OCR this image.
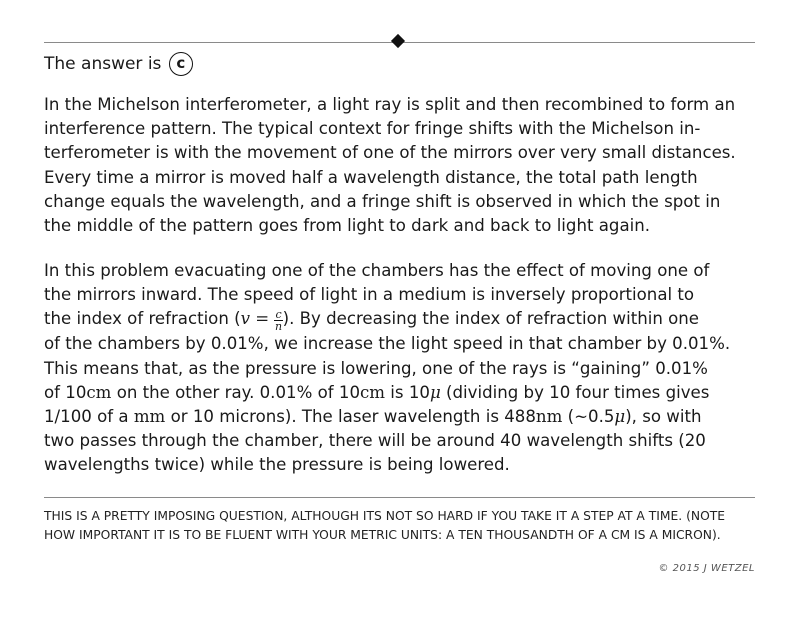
The answer is c
In the Michelson interferometer, a light ray is split and then recombined to form an
interference pattern. The typical context for fringe shifts with the Michelson in-
terferometer is with the movement of one of the mirrors over very small distances.
Every time a mirror is moved half a wavelength distance, the total path length
change equals the wavelength, and a fringe shift is observed in which the spot in
the middle of the pattern goes from light to dark and back to light again.
In this problem evacuating one of the chambers has the effect of moving one of
the mirrors inward. The speed of light in a medium is inversely proportional to
the index of refraction ($v = \frac{c}{n}$ ). By decreasing the index of refraction within one
of the chambers by 0.01%, we increase the light speed in that chamber by 0.01%.
This means that, as the pressure is lowering, one of the rays is “gaining” 0.01%
of 10cm on the other ray. 0.01% of 10cm is 10μ (dividing by 10 four times gives
1/100 of a mm or 10 microns). The laser wavelength is 488nm (~0.5μ), so with
two passes through the chamber, there will be around 40 wavelength shifts (20
wavelengths twice) while the pressure is being lowered.
THIS IS A PRETTY IMPOSING QUESTION, ALTHOUGH ITS NOT SO HARD IF YOU TAKE IT A STEP AT A TIME. (NOTE HOW IMPORTANT IT IS TO BE FLUENT WITH YOUR METRIC UNITS: A TEN THOUSANDTH OF A CM IS A MICRON).
© 2015 J WETZEL
